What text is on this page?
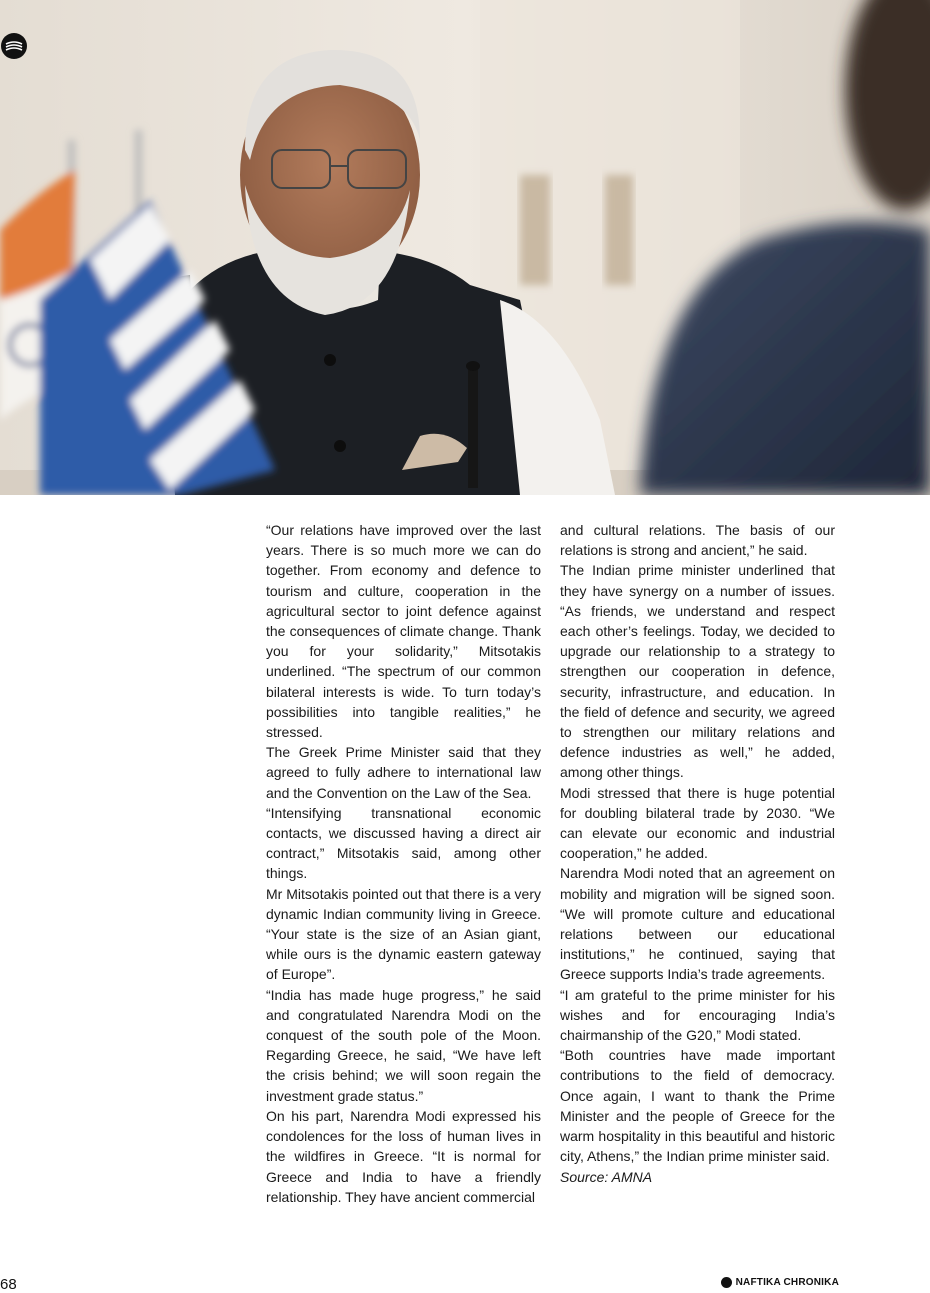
“Our relations have improved over the last years. There is so much more we can do together. From economy and defence to tourism and culture, cooperation in the agricultural sector to joint defence against the consequences of climate change. Thank you for your solidarity,” Mitsotakis underlined. “The spectrum of our common bilateral interests is wide. To turn today’s possibilities into tangible realities,” he stressed.

The Greek Prime Minister said that they agreed to fully adhere to international law and the Convention on the Law of the Sea.

“Intensifying transnational economic contacts, we discussed having a direct air contract,” Mitsotakis said, among other things.

Mr Mitsotakis pointed out that there is a very dynamic Indian community living in Greece. “Your state is the size of an Asian giant, while ours is the dynamic eastern gateway of Europe”.

“India has made huge progress,” he said and congratulated Narendra Modi on the conquest of the south pole of the Moon. Regarding Greece, he said, “We have left the crisis behind; we will soon regain the investment grade status.”

On his part, Narendra Modi expressed his condolences for the loss of human lives in the wildfires in Greece. “It is normal for Greece and India to have a friendly relationship. They have ancient commercial

and cultural relations. The basis of our relations is strong and ancient,” he said.

The Indian prime minister underlined that they have synergy on a number of issues. “As friends, we understand and respect each other’s feelings. Today, we decided to upgrade our relationship to a strategy to strengthen our cooperation in defence, security, infrastructure, and education. In the field of defence and security, we agreed to strengthen our military relations and defence industries as well,” he added, among other things.

Modi stressed that there is huge potential for doubling bilateral trade by 2030. “We can elevate our economic and industrial cooperation,” he added.

Narendra Modi noted that an agreement on mobility and migration will be signed soon. “We will promote culture and educational relations between our educational institutions,” he continued, saying that Greece supports India’s trade agreements.

“I am grateful to the prime minister for his wishes and for encouraging India’s chairmanship of the G20,” Modi stated.

“Both countries have made important contributions to the field of democracy. Once again, I want to thank the Prime Minister and the people of Greece for the warm hospitality in this beautiful and historic city, Athens,” the Indian prime minister said.

Source: AMNA

68	NAFTIKA CHRONIKA
